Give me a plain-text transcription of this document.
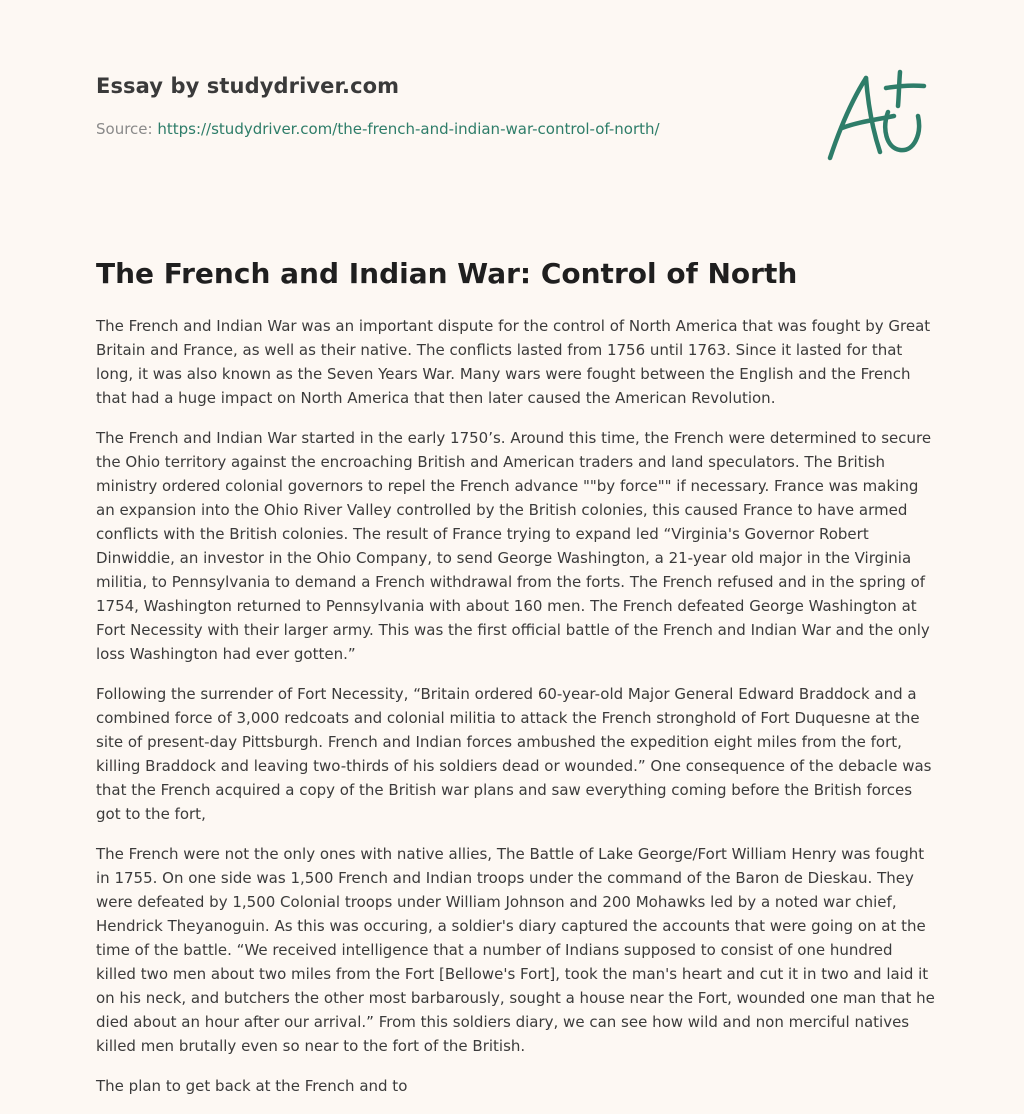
Essay by studydriver.com

Source: https://studydriver.com/the-french-and-indian-war-control-of-north/
The French and Indian War: Control of North

The French and Indian War was an important dispute for the control of North America that was fought by Great Britain and France, as well as their native. The conflicts lasted from 1756 until 1763. Since it lasted for that long, it was also known as the Seven Years War. Many wars were fought between the English and the French that had a huge impact on North America that then later caused the American Revolution.

The French and Indian War started in the early 1750’s. Around this time, the French were determined to secure the Ohio territory against the encroaching British and American traders and land speculators. The British ministry ordered colonial governors to repel the French advance ""by force"" if necessary. France was making an expansion into the Ohio River Valley controlled by the British colonies, this caused France to have armed conflicts with the British colonies. The result of France trying to expand led “Virginia's Governor Robert Dinwiddie, an investor in the Ohio Company, to send George Washington, a 21-year old major in the Virginia militia, to Pennsylvania to demand a French withdrawal from the forts. The French refused and in the spring of 1754, Washington returned to Pennsylvania with about 160 men. The French defeated George Washington at Fort Necessity with their larger army. This was the first official battle of the French and Indian War and the only loss Washington had ever gotten.”

Following the surrender of Fort Necessity, “Britain ordered 60-year-old Major General Edward Braddock and a combined force of 3,000 redcoats and colonial militia to attack the French stronghold of Fort Duquesne at the site of present-day Pittsburgh. French and Indian forces ambushed the expedition eight miles from the fort, killing Braddock and leaving two-thirds of his soldiers dead or wounded.” One consequence of the debacle was that the French acquired a copy of the British war plans and saw everything coming before the British forces got to the fort,

The French were not the only ones with native allies, The Battle of Lake George/Fort William Henry was fought in 1755. On one side was 1,500 French and Indian troops under the command of the Baron de Dieskau. They were defeated by 1,500 Colonial troops under William Johnson and 200 Mohawks led by a noted war chief, Hendrick Theyanoguin. As this was occuring, a soldier's diary captured the accounts that were going on at the time of the battle. “We received intelligence that a number of Indians supposed to consist of one hundred killed two men about two miles from the Fort [Bellowe's Fort], took the man's heart and cut it in two and laid it on his neck, and butchers the other most barbarously, sought a house near the Fort, wounded one man that he died about an hour after our arrival.” From this soldiers diary, we can see how wild and non merciful natives killed men brutally even so near to the fort of the British.

The plan to get back at the French and to
